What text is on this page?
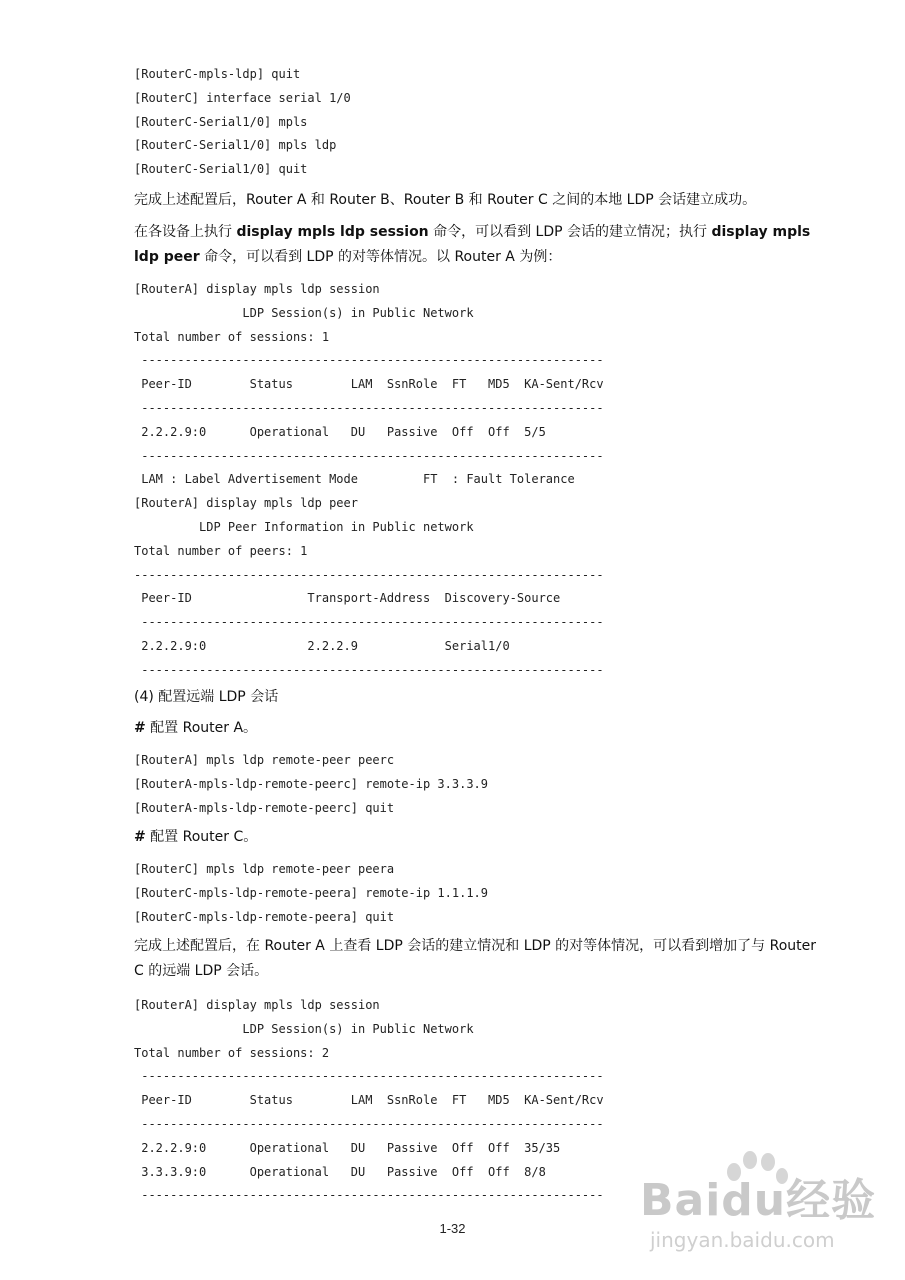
[RouterC-mpls-ldp] quit
[RouterC] interface serial 1/0
[RouterC-Serial1/0] mpls
[RouterC-Serial1/0] mpls ldp
[RouterC-Serial1/0] quit
完成上述配置后，Router A 和 Router B、Router B 和 Router C 之间的本地 LDP 会话建立成功。
在各设备上执行 display mpls ldp session 命令，可以看到 LDP 会话的建立情况；执行 display mpls ldp peer 命令，可以看到 LDP 的对等体情况。以 Router A 为例：
[RouterA] display mpls ldp session
LDP Session(s) in Public Network
Total number of sessions: 1
----------------------------------------------------------------
Peer-ID        Status        LAM  SsnRole  FT   MD5  KA-Sent/Rcv
----------------------------------------------------------------
2.2.2.9:0      Operational   DU   Passive  Off  Off  5/5
----------------------------------------------------------------
LAM : Label Advertisement Mode         FT  : Fault Tolerance
[RouterA] display mpls ldp peer
LDP Peer Information in Public network
Total number of peers: 1
-----------------------------------------------------------------
Peer-ID                Transport-Address  Discovery-Source
----------------------------------------------------------------
2.2.2.9:0              2.2.2.9            Serial1/0
----------------------------------------------------------------
(4) 配置远端 LDP 会话
# 配置 Router A。
[RouterA] mpls ldp remote-peer peerc
[RouterA-mpls-ldp-remote-peerc] remote-ip 3.3.3.9
[RouterA-mpls-ldp-remote-peerc] quit
# 配置 Router C。
[RouterC] mpls ldp remote-peer peera
[RouterC-mpls-ldp-remote-peera] remote-ip 1.1.1.9
[RouterC-mpls-ldp-remote-peera] quit
完成上述配置后，在 Router A 上查看 LDP 会话的建立情况和 LDP 的对等体情况，可以看到增加了与 Router C 的远端 LDP 会话。
[RouterA] display mpls ldp session
LDP Session(s) in Public Network
Total number of sessions: 2
----------------------------------------------------------------
Peer-ID        Status        LAM  SsnRole  FT   MD5  KA-Sent/Rcv
----------------------------------------------------------------
2.2.2.9:0      Operational   DU   Passive  Off  Off  35/35
3.3.3.9:0      Operational   DU   Passive  Off  Off  8/8
----------------------------------------------------------------
1-32
Baidu经验
jingyan.baidu.com
